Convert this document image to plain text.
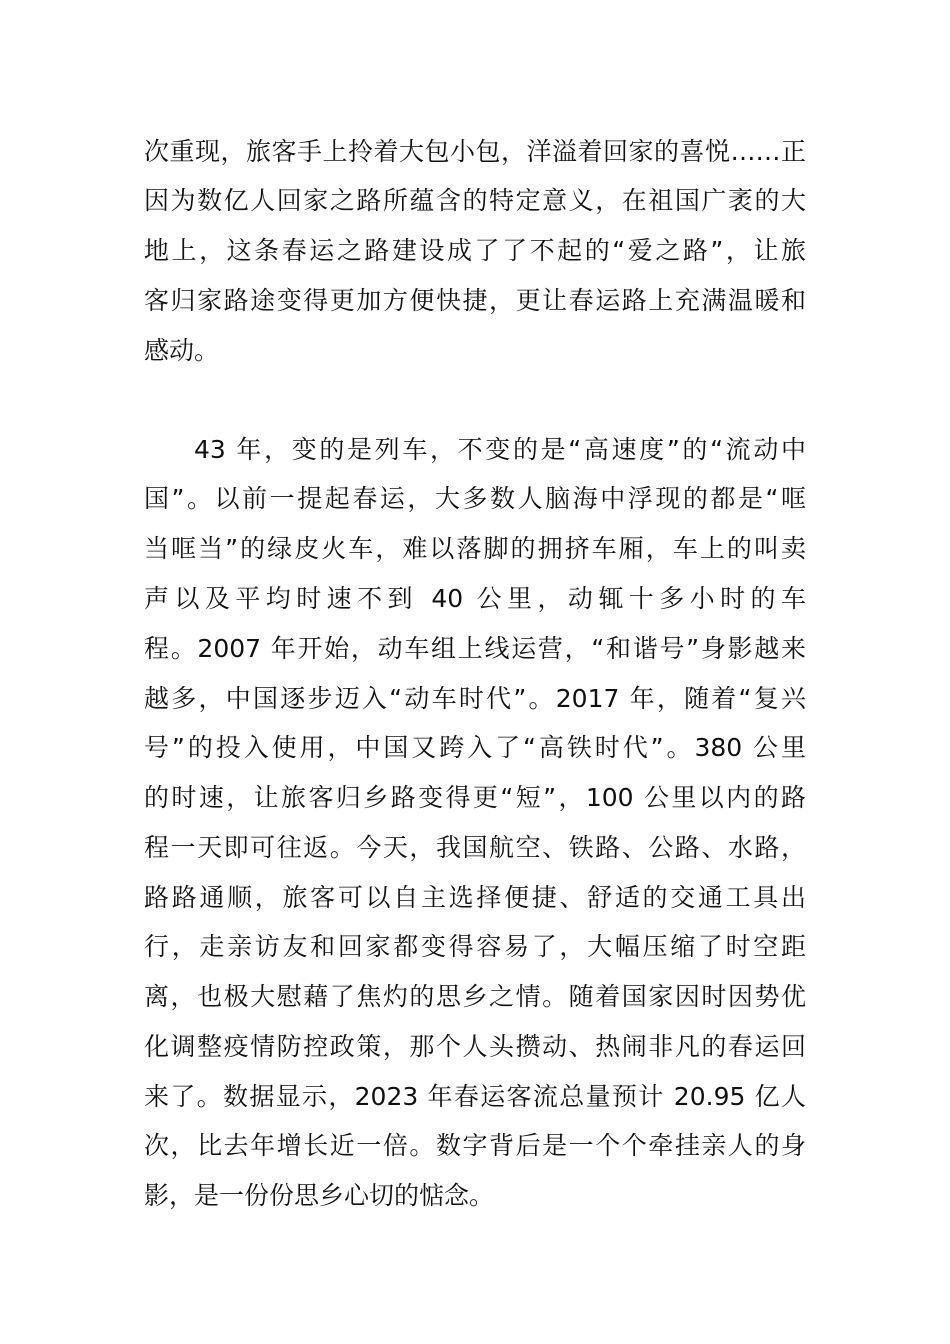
次重现，旅客手上拎着大包小包，洋溢着回家的喜悦……正
因为数亿人回家之路所蕴含的特定意义，在祖国广袤的大
地上，这条春运之路建设成了了不起的“爱之路”，让旅
客归家路途变得更加方便快捷，更让春运路上充满温暖和
感动。
43 年，变的是列车，不变的是“高速度”的“流动中
国”。以前一提起春运，大多数人脑海中浮现的都是“哐
当哐当”的绿皮火车，难以落脚的拥挤车厢，车上的叫卖
声以及平均时速不到 40 公里，动辄十多小时的车
程。2007 年开始，动车组上线运营，“和谐号”身影越来
越多，中国逐步迈入“动车时代”。2017 年，随着“复兴
号”的投入使用，中国又跨入了“高铁时代”。380 公里
的时速，让旅客归乡路变得更“短”，100 公里以内的路
程一天即可往返。今天，我国航空、铁路、公路、水路，
路路通顺，旅客可以自主选择便捷、舒适的交通工具出
行，走亲访友和回家都变得容易了，大幅压缩了时空距
离，也极大慰藉了焦灼的思乡之情。随着国家因时因势优
化调整疫情防控政策，那个人头攒动、热闹非凡的春运回
来了。数据显示，2023 年春运客流总量预计 20.95 亿人
次，比去年增长近一倍。数字背后是一个个牵挂亲人的身
影，是一份份思乡心切的惦念。
